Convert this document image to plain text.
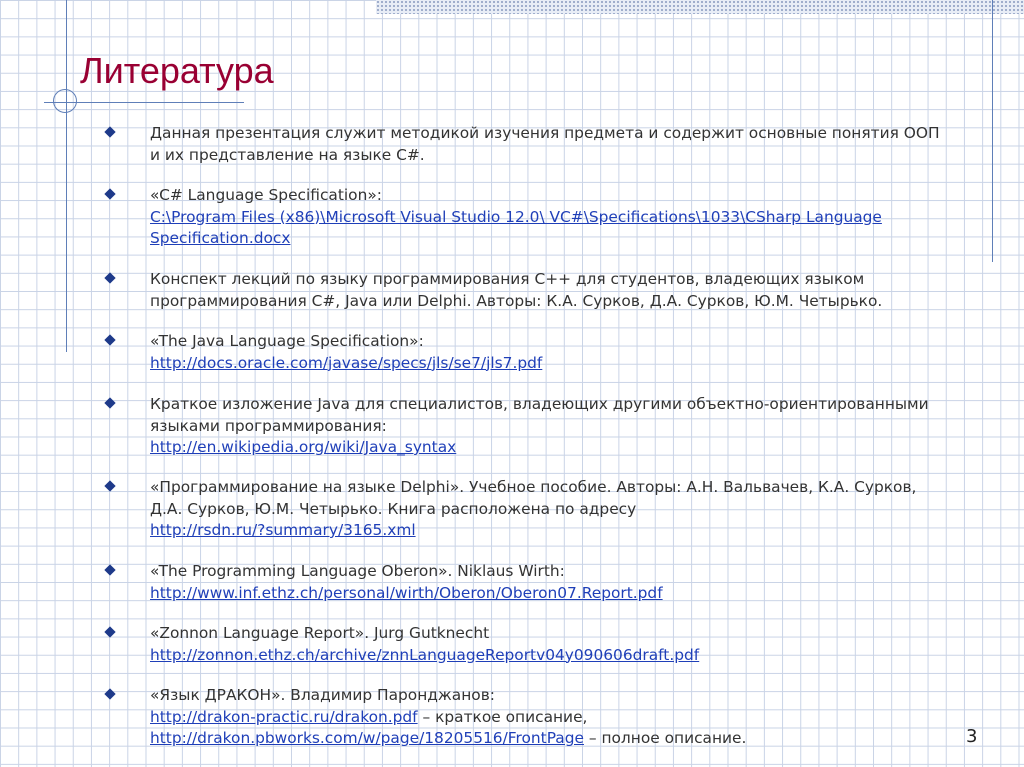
Литература
Данная презентация служит методикой изучения предмета и содержит основные понятия ООП и их представление на языке C#.
«C# Language Specification»:
C:\Program Files (x86)\Microsoft Visual Studio 12.0\ VC#\Specifications\1033\CSharp Language Specification.docx
Конспект лекций по языку программирования С++ для студентов, владеющих языком программирования C#, Java или Delphi. Авторы: К.А. Сурков, Д.А. Сурков, Ю.М. Четырько.
«The Java Language Specification»:
http://docs.oracle.com/javase/specs/jls/se7/jls7.pdf
Краткое изложение Java для специалистов, владеющих другими объектно-ориентированными языками программирования:
http://en.wikipedia.org/wiki/Java_syntax
«Программирование на языке Delphi». Учебное пособие. Авторы: А.Н. Вальвачев, К.А. Сурков, Д.А. Сурков, Ю.М. Четырько. Книга расположена по адресу
http://rsdn.ru/?summary/3165.xml
«The Programming Language Oberon». Niklaus Wirth:
http://www.inf.ethz.ch/personal/wirth/Oberon/Oberon07.Report.pdf
«Zonnon Language Report». Jurg Gutknecht
http://zonnon.ethz.ch/archive/znnLanguageReportv04y090606draft.pdf
«Язык ДРАКОН». Владимир Паронджанов:
http://drakon-practic.ru/drakon.pdf – краткое описание,
http://drakon.pbworks.com/w/page/18205516/FrontPage – полное описание.	3
